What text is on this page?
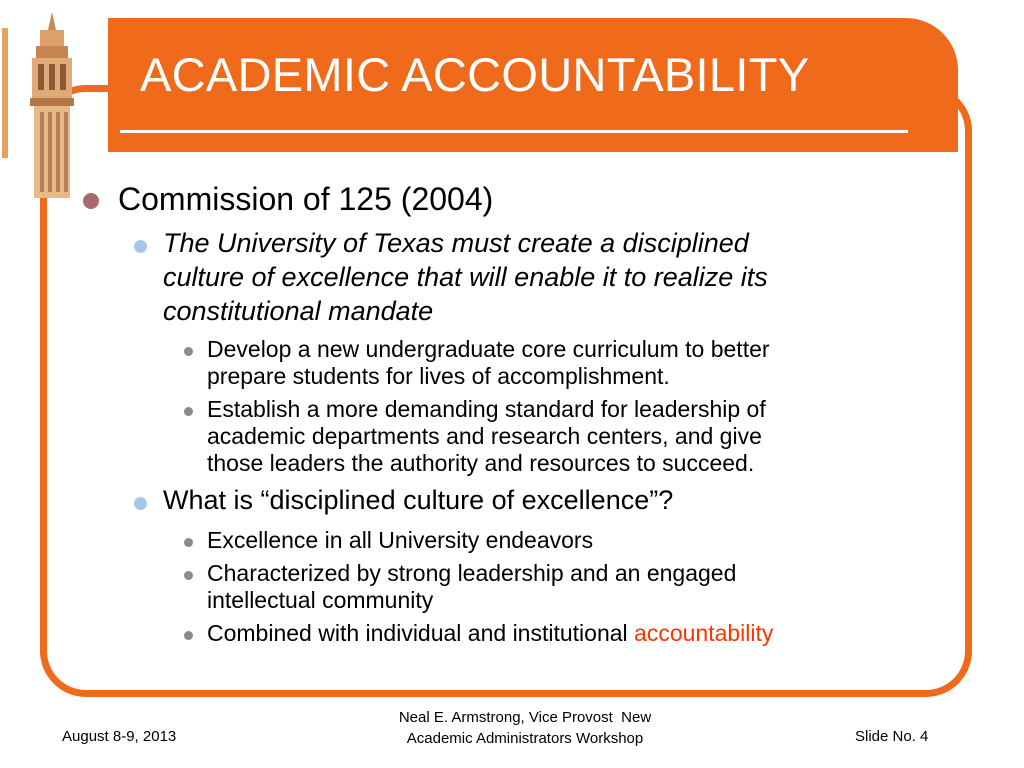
ACADEMIC ACCOUNTABILITY
Commission of 125 (2004)
The University of Texas must create a disciplined
culture of excellence that will enable it to realize its
constitutional mandate
Develop a new undergraduate core curriculum to better
prepare students for lives of accomplishment.
Establish a more demanding standard for leadership of
academic departments and research centers, and give
those leaders the authority and resources to succeed.
What is “disciplined culture of excellence”?
Excellence in all University endeavors
Characterized by strong leadership and an engaged
intellectual community
Combined with individual and institutional accountability
August 8-9, 2013
Neal E. Armstrong, Vice Provost  New
Academic Administrators Workshop	Slide No. 4
